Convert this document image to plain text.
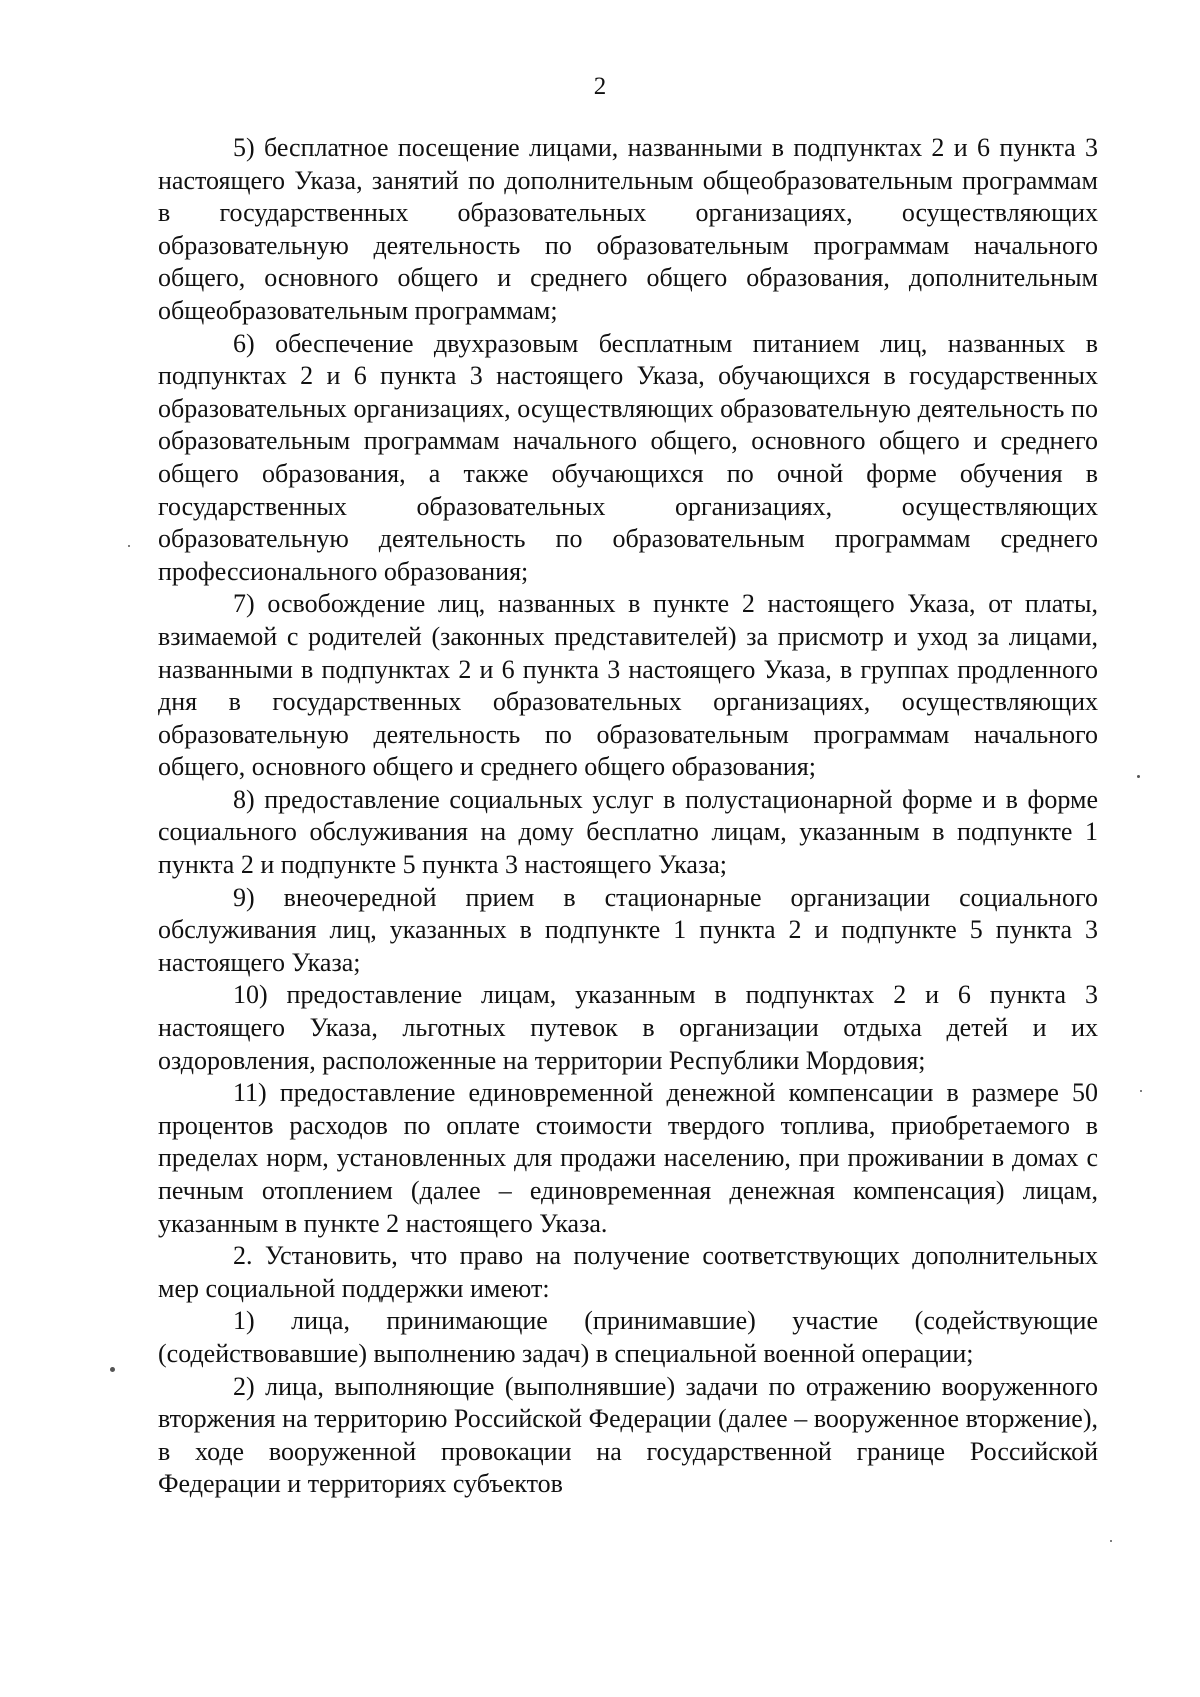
2

5) бесплатное посещение лицами, названными в подпунктах 2 и 6 пункта 3 настоящего Указа, занятий по дополнительным общеобразовательным программам в государственных образовательных организациях, осуществляющих образовательную деятельность по образовательным программам начального общего, основного общего и среднего общего образования, дополнительным общеобразовательным программам;

6) обеспечение двухразовым бесплатным питанием лиц, названных в подпунктах 2 и 6 пункта 3 настоящего Указа, обучающихся в государственных образовательных организациях, осуществляющих образовательную деятельность по образовательным программам начального общего, основного общего и среднего общего образования, а также обучающихся по очной форме обучения в государственных образовательных организациях, осуществляющих образовательную деятельность по образовательным программам среднего профессионального образования;

7) освобождение лиц, названных в пункте 2 настоящего Указа, от платы, взимаемой с родителей (законных представителей) за присмотр и уход за лицами, названными в подпунктах 2 и 6 пункта 3 настоящего Указа, в группах продленного дня в государственных образовательных организациях, осуществляющих образовательную деятельность по образовательным программам начального общего, основного общего и среднего общего образования;

8) предоставление социальных услуг в полустационарной форме и в форме социального обслуживания на дому бесплатно лицам, указанным в подпункте 1 пункта 2 и подпункте 5 пункта 3 настоящего Указа;

9) внеочередной прием в стационарные организации социального обслуживания лиц, указанных в подпункте 1 пункта 2 и подпункте 5 пункта 3 настоящего Указа;

10) предоставление лицам, указанным в подпунктах 2 и 6 пункта 3 настоящего Указа, льготных путевок в организации отдыха детей и их оздоровления, расположенные на территории Республики Мордовия;

11) предоставление единовременной денежной компенсации в размере 50 процентов расходов по оплате стоимости твердого топлива, приобретаемого в пределах норм, установленных для продажи населению, при проживании в домах с печным отоплением (далее – единовременная денежная компенсация) лицам, указанным в пункте 2 настоящего Указа.

2. Установить, что право на получение соответствующих дополнительных мер социальной поддержки имеют:

1) лица, принимающие (принимавшие) участие (содействующие (содействовавшие) выполнению задач) в специальной военной операции;

2) лица, выполняющие (выполнявшие) задачи по отражению вооруженного вторжения на территорию Российской Федерации (далее – вооруженное вторжение), в ходе вооруженной провокации на государственной границе Российской Федерации и территориях субъектов
